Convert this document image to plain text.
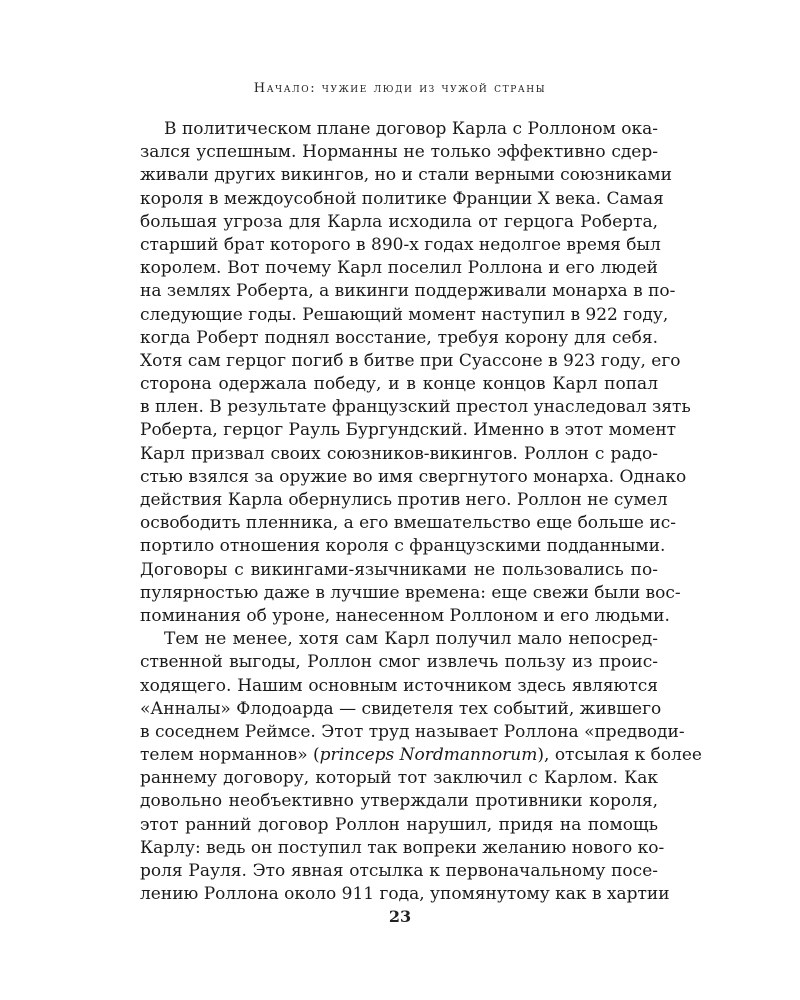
Начало: чужие люди из чужой страны
В политическом плане договор Карла с Роллоном ока-
зался успешным. Норманны не только эффективно сдер-
живали других викингов, но и стали верными союзниками
короля в междоусобной политике Франции X века. Самая
большая угроза для Карла исходила от герцога Роберта,
старший брат которого в 890-х годах недолгое время был
королем. Вот почему Карл поселил Роллона и его людей
на землях Роберта, а викинги поддерживали монарха в по-
следующие годы. Решающий момент наступил в 922 году,
когда Роберт поднял восстание, требуя корону для себя.
Хотя сам герцог погиб в битве при Суассоне в 923 году, его
сторона одержала победу, и в конце концов Карл попал
в плен. В результате французский престол унаследовал зять
Роберта, герцог Рауль Бургундский. Именно в этот момент
Карл призвал своих союзников-викингов. Роллон с радо-
стью взялся за оружие во имя свергнутого монарха. Однако
действия Карла обернулись против него. Роллон не сумел
освободить пленника, а его вмешательство еще больше ис-
портило отношения короля с французскими подданными.
Договоры с викингами-язычниками не пользовались по-
пулярностью даже в лучшие времена: еще свежи были вос-
поминания об уроне, нанесенном Роллоном и его людьми.
Тем не менее, хотя сам Карл получил мало непосред-
ственной выгоды, Роллон смог извлечь пользу из проис-
ходящего. Нашим основным источником здесь являются
«Анналы» Флодоарда — свидетеля тех событий, жившего
в соседнем Реймсе. Этот труд называет Роллона «предводи-
телем норманнов» (princeps Nordmannorum), отсылая к более
раннему договору, который тот заключил с Карлом. Как
довольно необъективно утверждали противники короля,
этот ранний договор Роллон нарушил, придя на помощь
Карлу: ведь он поступил так вопреки желанию нового ко-
роля Рауля. Это явная отсылка к первоначальному посе-
лению Роллона около 911 года, упомянутому как в хартии
23
